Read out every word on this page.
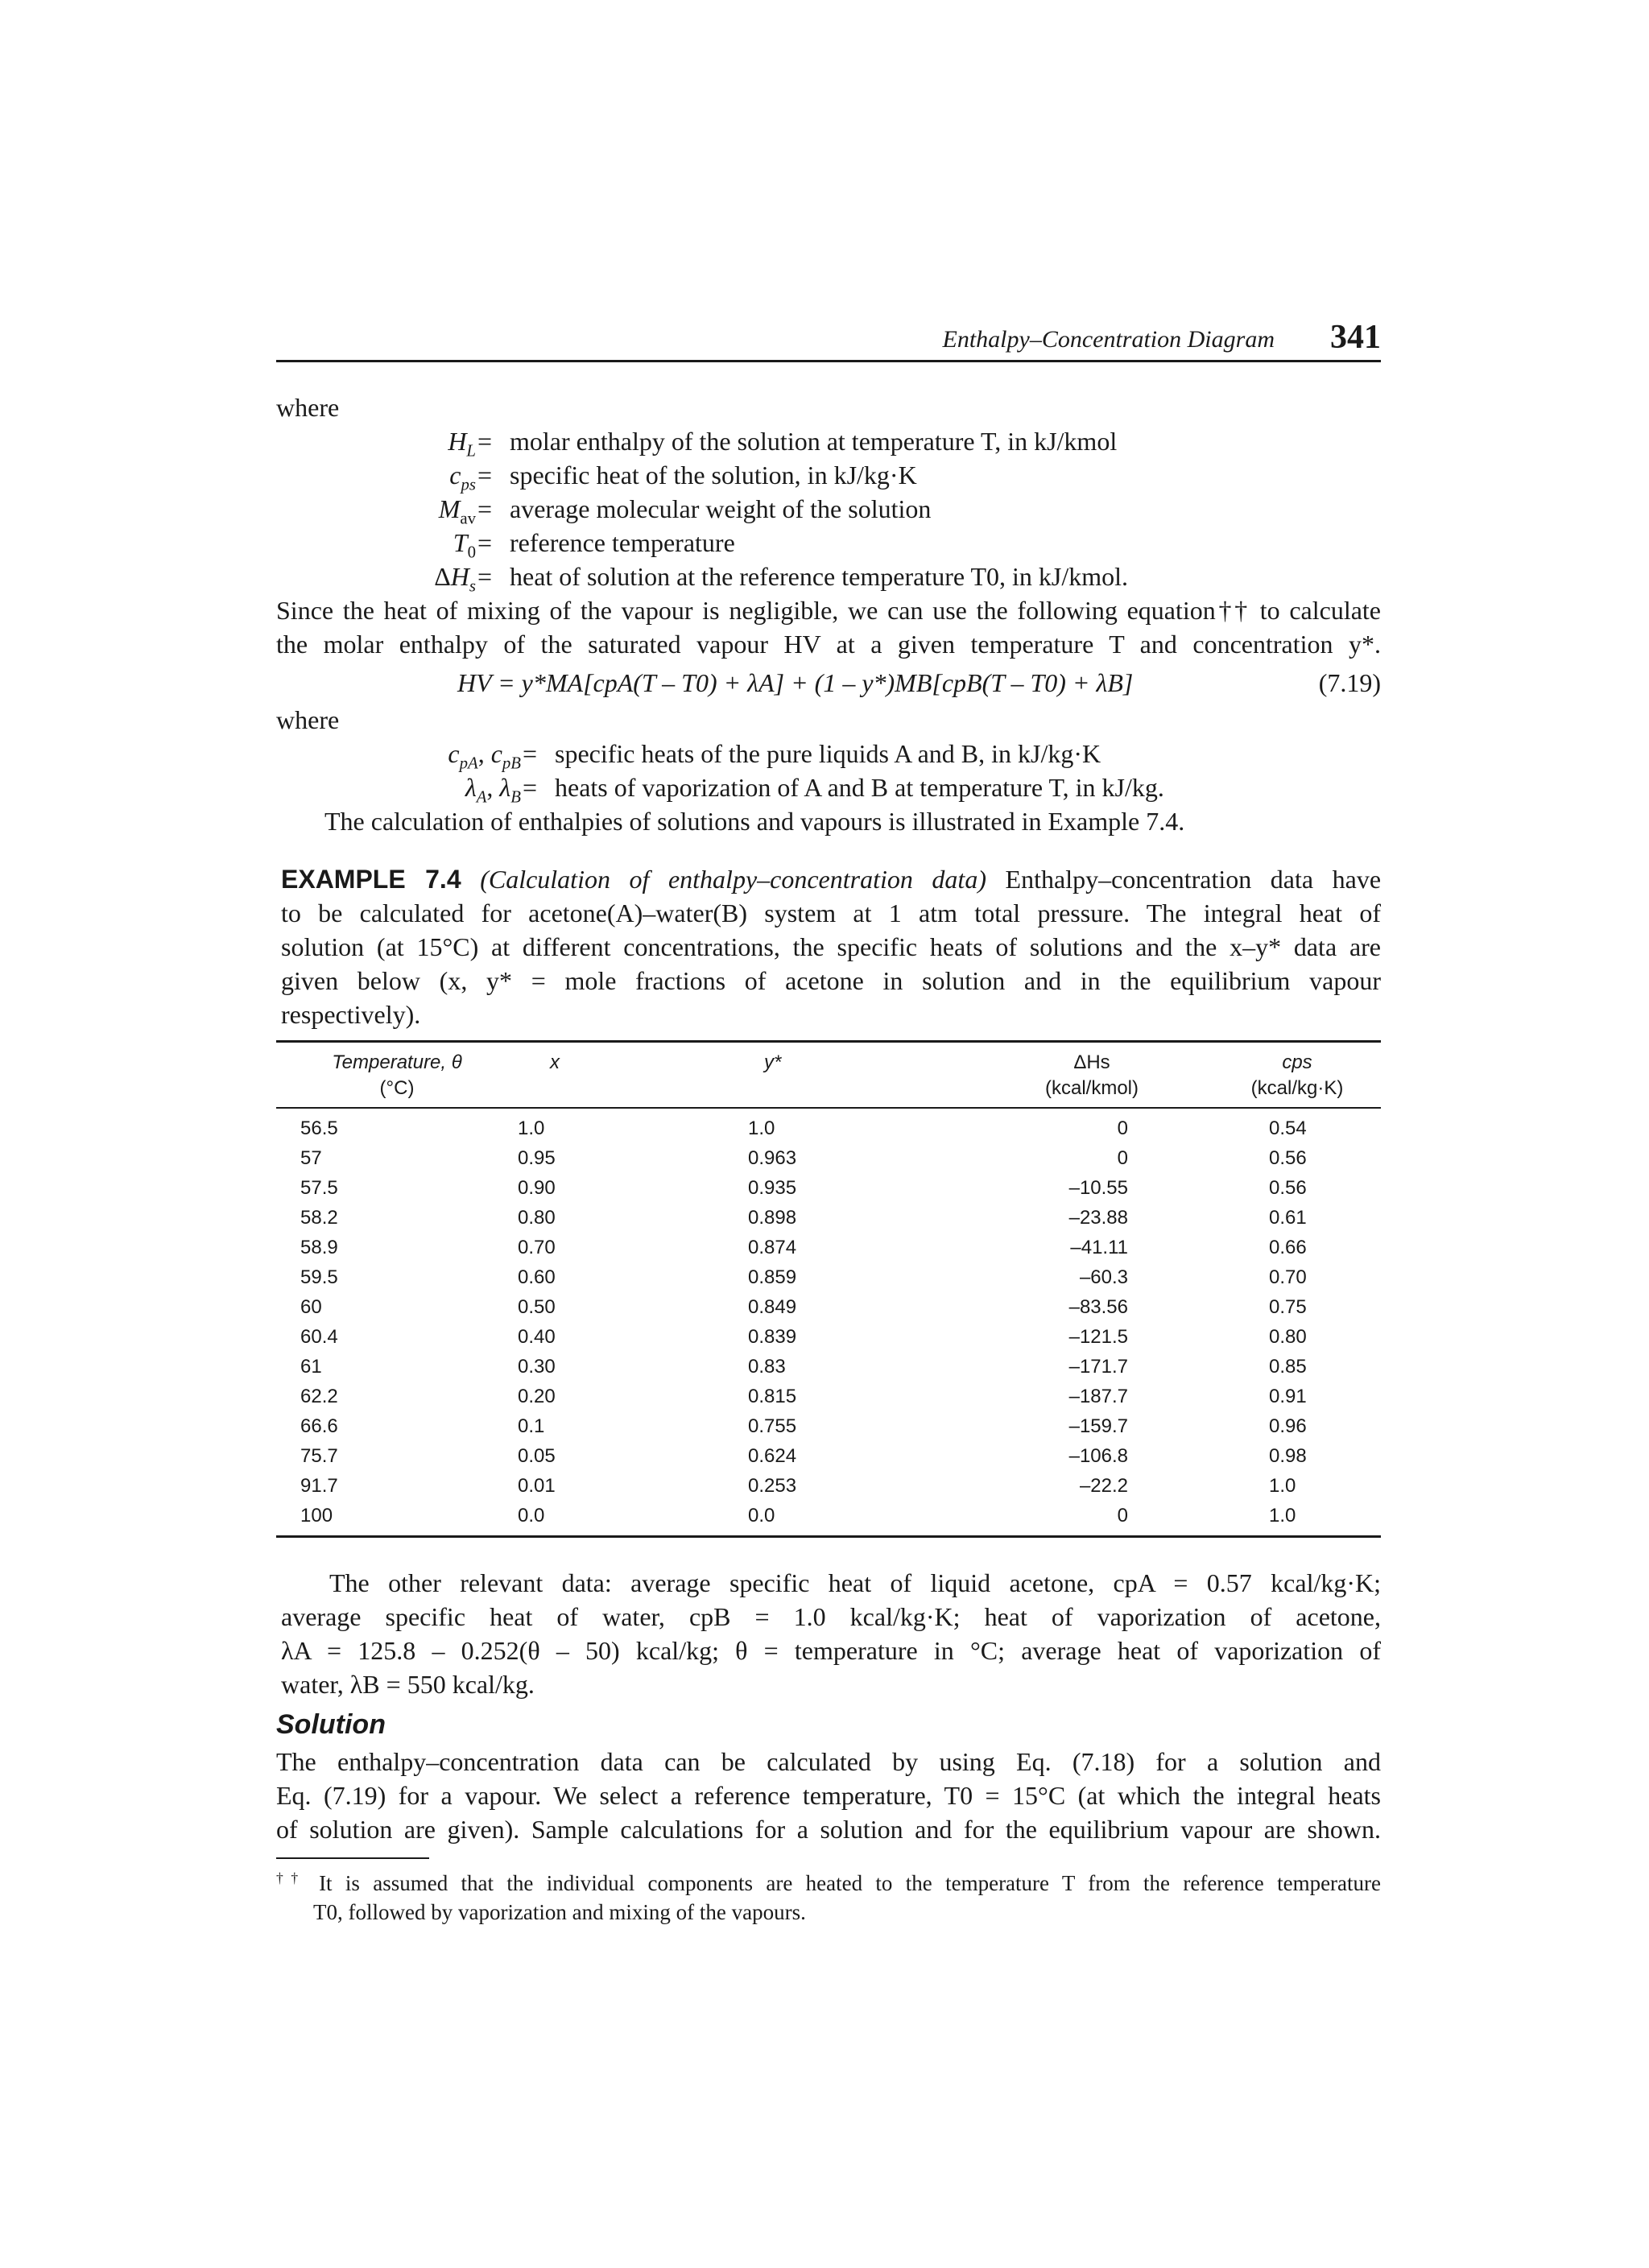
Enthalpy–Concentration Diagram 341
where
$H_L$ = molar enthalpy of the solution at temperature T, in kJ/kmol
$c_{ps}$ = specific heat of the solution, in kJ/kg·K
$M_{av}$ = average molecular weight of the solution
$T_0$ = reference temperature
$\Delta H_s$ = heat of solution at the reference temperature T0, in kJ/kmol.
Since the heat of mixing of the vapour is negligible, we can use the following equation†† to calculate
the molar enthalpy of the saturated vapour HV at a given temperature T and concentration y*.
HV = y*MA[cpA(T – T0) + λA] + (1 – y*)MB[cpB(T – T0) + λB]	(7.19)
where
$c_{pA}$, $c_{pB}$ = specific heats of the pure liquids A and B, in kJ/kg·K
$\lambda_A$, $\lambda_B$ = heats of vaporization of A and B at temperature T, in kJ/kg.
The calculation of enthalpies of solutions and vapours is illustrated in Example 7.4.
EXAMPLE 7.4 (Calculation of enthalpy–concentration data) Enthalpy–concentration data have
to be calculated for acetone(A)–water(B) system at 1 atm total pressure. The integral heat of
solution (at 15°C) at different concentrations, the specific heats of solutions and the x–y* data are
given below (x, y* = mole fractions of acetone in solution and in the equilibrium vapour
respectively).
Temperature, θ	x	y*	ΔHs	cps
(°C)			(kcal/kmol)	(kcal/kg·K)
56.5	1.0	1.0	0	0.54
57	0.95	0.963	0	0.56
57.5	0.90	0.935	–10.55	0.56
58.2	0.80	0.898	–23.88	0.61
58.9	0.70	0.874	–41.11	0.66
59.5	0.60	0.859	–60.3	0.70
60	0.50	0.849	–83.56	0.75
60.4	0.40	0.839	–121.5	0.80
61	0.30	0.83	–171.7	0.85
62.2	0.20	0.815	–187.7	0.91
66.6	0.1	0.755	–159.7	0.96
75.7	0.05	0.624	–106.8	0.98
91.7	0.01	0.253	–22.2	1.0
100	0.0	0.0	0	1.0
The other relevant data: average specific heat of liquid acetone, cpA = 0.57 kcal/kg·K;
average specific heat of water, cpB = 1.0 kcal/kg·K; heat of vaporization of acetone,
λA = 125.8 – 0.252(θ – 50) kcal/kg; θ = temperature in °C; average heat of vaporization of
water, λB = 550 kcal/kg.
Solution
The enthalpy–concentration data can be calculated by using Eq. (7.18) for a solution and
Eq. (7.19) for a vapour. We select a reference temperature, T0 = 15°C (at which the integral heats
of solution are given). Sample calculations for a solution and for the equilibrium vapour are shown.
†† It is assumed that the individual components are heated to the temperature T from the reference temperature
T0, followed by vaporization and mixing of the vapours.
